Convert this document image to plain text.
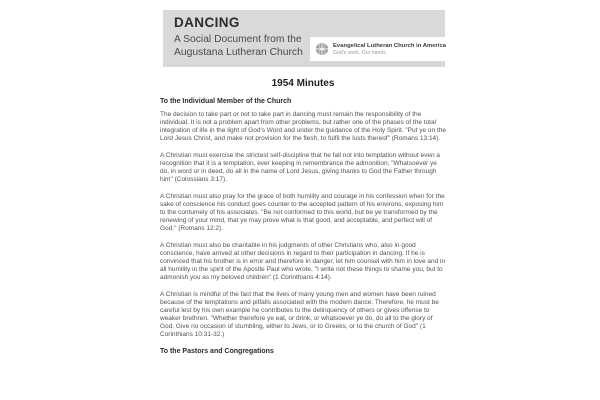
DANCING
A Social Document from the
Augustana Lutheran Church
Evangelical Lutheran Church in America
God's work. Our hands.
1954 Minutes
To the Individual Member of the Church

The decision to take part or not to take part in dancing must remain the responsibility of the individual. It is not a problem apart from other problems, but rather one of the phases of the total integration of life in the light of God's Word and under the guidance of the Holy Spirit. "Put ye on the Lord Jesus Christ, and make not provision for the flesh, to fulfil the lusts thereof" (Romans 13:14).

A Christian must exercise the strictest self-discipline that he fall not into temptation without even a recognition that it is a temptation, ever keeping in remembrance the admonition, "Whatsoever ye do, in word or in deed, do all in the name of Lord Jesus, giving thanks to God the Father through him" (Colossians 3:17).

A Christian must also pray for the grace of both humility and courage in his confession when for the sake of conscience his conduct goes counter to the accepted pattern of his environs, exposing him to the contumely of his associates. "Be not conformed to this world, but be ye transformed by the renewing of your mind, that ye may prove what is that good, and acceptable, and perfect will of God." (Romans 12:2).

A Christian must also be charitable in his judgments of other Christians who, also in good conscience, have arrived at other decisions in regard to their participation in dancing. If he is convinced that his brother is in error and therefore in danger, let him counsel with him in love and in all humility in the spirit of the Apostle Paul who wrote, "I write not these things to shame you, but to admonish you as my beloved children" (1 Corinthians 4:14).

A Christian is mindful of the fact that the lives of many young men and women have been ruined because of the temptations and pitfalls associated with the modern dance. Therefore, he must be careful lest by his own example he contributes to the delinquency of others or gives offense to weaker brethren. "Whether therefore ye eat, or drink, or whatsoever ye do, do all to the glory of God. Give no occasion of stumbling, either to Jews, or to Greeks, or to the church of God" (1 Corinthians 10:31-32.)

To the Pastors and Congregations
